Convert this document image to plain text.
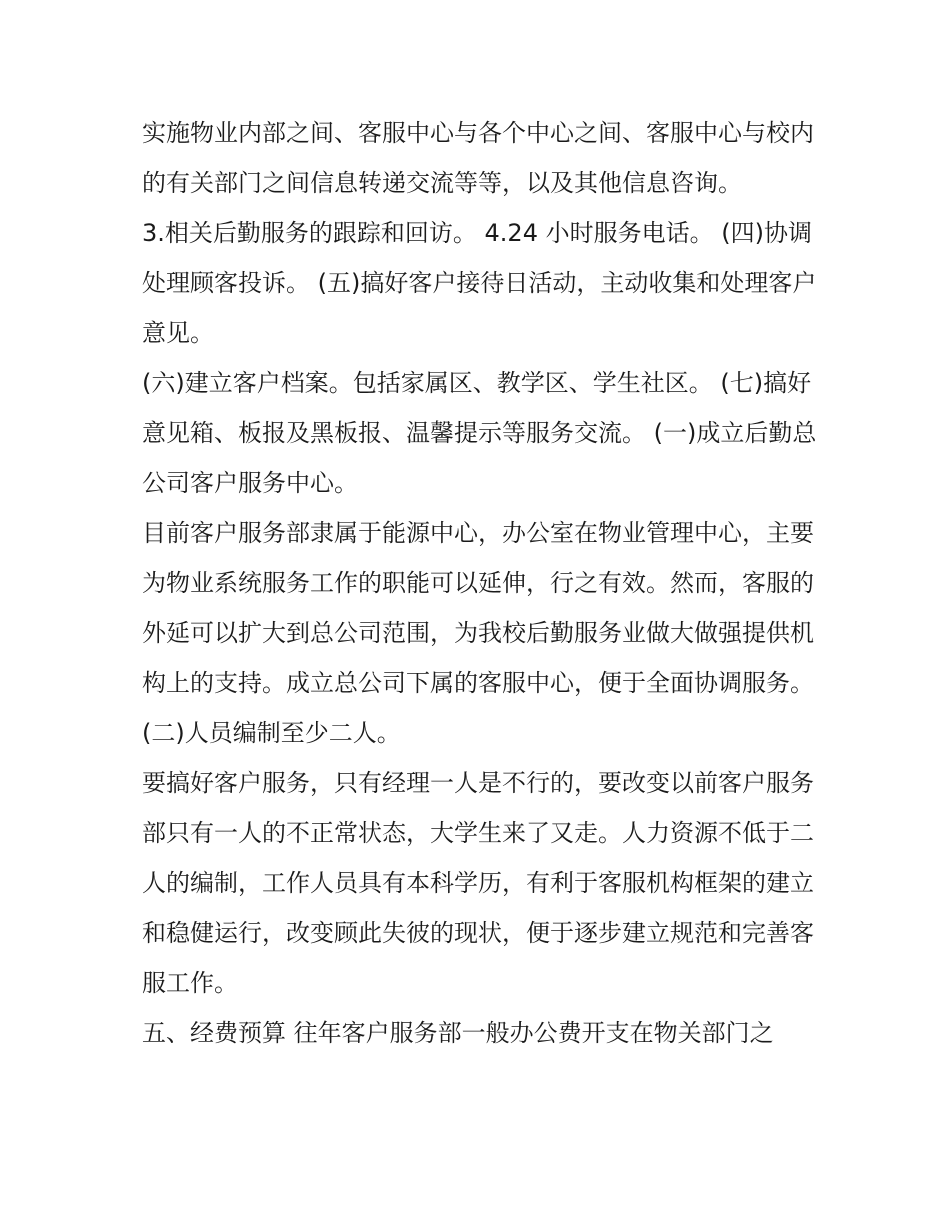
实施物业内部之间、客服中心与各个中心之间、客服中心与校内的有关部门之间信息转递交流等等，以及其他信息咨询。

3.相关后勤服务的跟踪和回访。 4.24 小时服务电话。 (四)协调处理顾客投诉。 (五)搞好客户接待日活动，主动收集和处理客户意见。

(六)建立客户档案。包括家属区、教学区、学生社区。 (七)搞好意见箱、板报及黑板报、温馨提示等服务交流。 (一)成立后勤总公司客户服务中心。

目前客户服务部隶属于能源中心，办公室在物业管理中心，主要为物业系统服务工作的职能可以延伸，行之有效。然而，客服的外延可以扩大到总公司范围，为我校后勤服务业做大做强提供机构上的支持。成立总公司下属的客服中心，便于全面协调服务。

(二)人员编制至少二人。

要搞好客户服务，只有经理一人是不行的，要改变以前客户服务部只有一人的不正常状态，大学生来了又走。人力资源不低于二人的编制，工作人员具有本科学历，有利于客服机构框架的建立和稳健运行，改变顾此失彼的现状，便于逐步建立规范和完善客服工作。

五、经费预算 往年客户服务部一般办公费开支在物关部门之
